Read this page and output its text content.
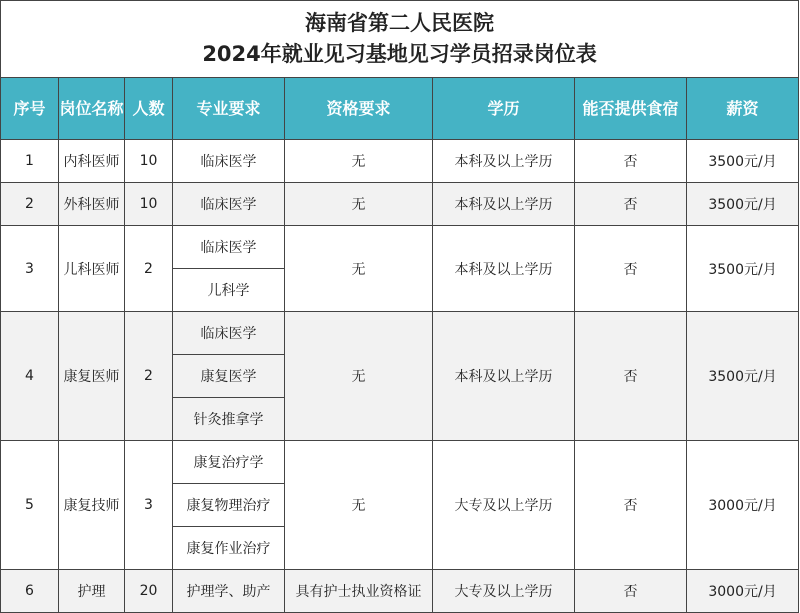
海南省第二人民医院
2024年就业见习基地见习学员招录岗位表							

序号	岗位名称	人数	专业要求	资格要求	学历	能否提供食宿	薪资
1	内科医师	10	临床医学	无	本科及以上学历	否	3500元/月
2	外科医师	10	临床医学	无	本科及以上学历	否	3500元/月
3	儿科医师	2	临床医学	无	本科及以上学历	否	3500元/月
			儿科学				
4	康复医师	2	临床医学	无	本科及以上学历	否	3500元/月
			康复医学				
			针灸推拿学				
5	康复技师	3	康复治疗学	无	大专及以上学历	否	3000元/月
			康复物理治疗				
			康复作业治疗				
6	护理	20	护理学、助产	具有护士执业资格证	大专及以上学历	否	3000元/月
